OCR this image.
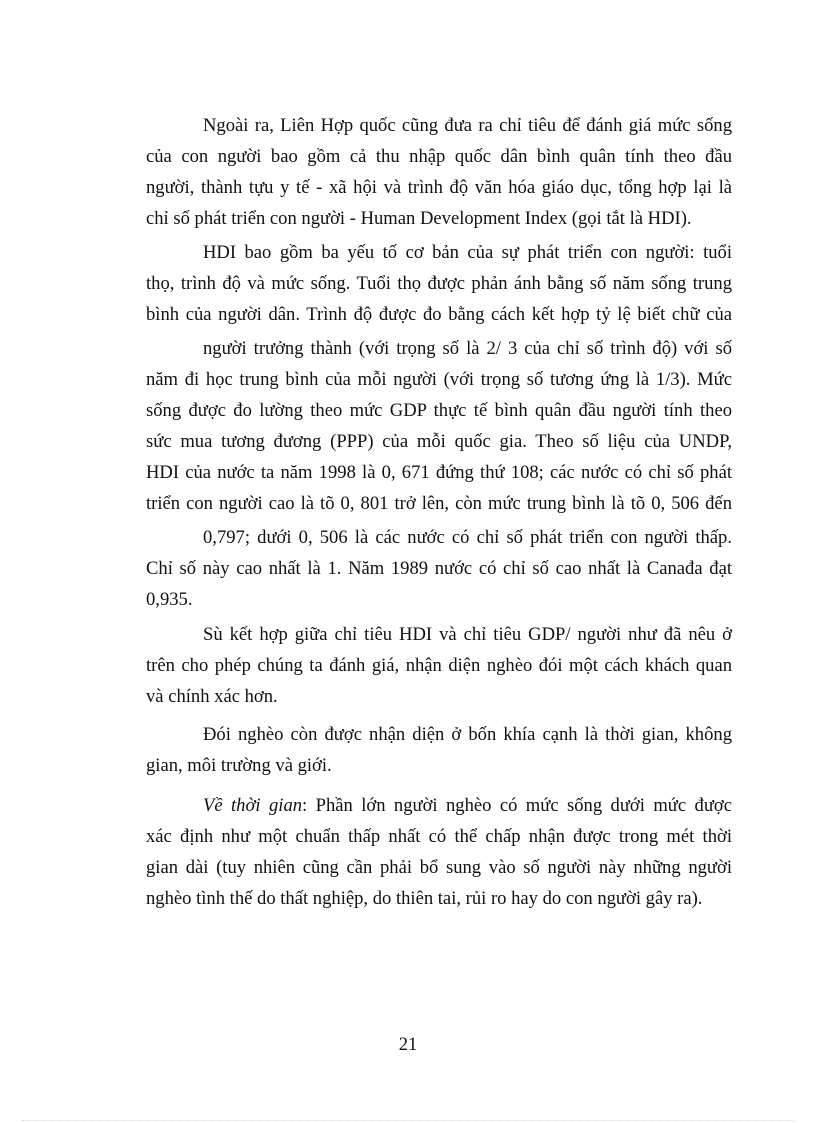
Ngoài ra, Liên Hợp quốc cũng đưa ra chỉ tiêu để đánh giá mức sống
của con người bao gồm cả thu nhập quốc dân bình quân tính theo đầu
người, thành tựu y tế - xã hội và trình độ văn hóa giáo dục, tổng hợp lại là
chỉ số phát triển con người - Human Development Index (gọi tắt là HDI).
HDI bao gồm ba yếu tố cơ bản của sự phát triển con người: tuổi
thọ, trình độ và mức sống. Tuổi thọ được phản ánh bằng số năm sống trung
bình của người dân. Trình độ được đo bằng cách kết hợp tỷ lệ biết chữ của
người trưởng thành (với trọng số là 2/ 3 của chỉ số trình độ) với số
năm đi học trung bình của mỗi người (với trọng số tương ứng là 1/3). Mức
sống được đo lường theo mức GDP thực tế bình quân đầu người tính theo
sức mua tương đương (PPP) của mỗi quốc gia. Theo số liệu của UNDP,
HDI của nước ta năm 1998 là 0, 671 đứng thứ 108; các nước có chỉ số phát
triển con người cao là tõ 0, 801 trở lên, còn mức trung bình là tõ 0, 506 đến
0,797; dưới 0, 506 là các nước có chỉ số phát triển con người thấp.
Chỉ số này cao nhất là 1. Năm 1989 nước có chỉ số cao nhất là Canađa đạt
0,935.
Sù kết hợp giữa chỉ tiêu HDI và chỉ tiêu GDP/ người như đã nêu ở
trên cho phép chúng ta đánh giá, nhận diện nghèo đói một cách khách quan
và chính xác hơn.
Đói nghèo còn được nhận diện ở bốn khía cạnh là thời gian, không
gian, môi trường và giới.
Về thời gian: Phần lớn người nghèo có mức sống dưới mức được
xác định như một chuẩn thấp nhất có thể chấp nhận được trong mét thời
gian dài (tuy nhiên cũng cần phải bổ sung vào số người này những người
nghèo tình thế do thất nghiệp, do thiên tai, rủi ro hay do con người gây ra).
21
